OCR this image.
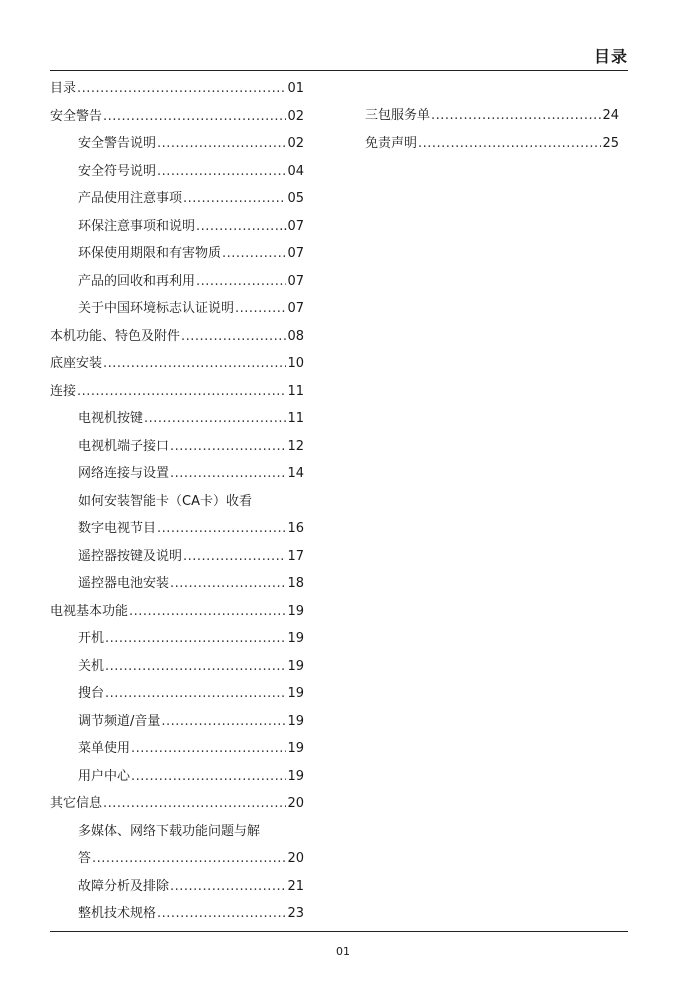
目录
目录 .....	01
安全警告 .....	02
安全警告说明 .....	02
安全符号说明 .....	04
产品使用注意事项 .....	05
环保注意事项和说明 .....	..07
环保使用期限和有害物质 .....	07
产品的回收和再利用 .....	07
关于中国环境标志认证说明 .....	07
本机功能、特色及附件 .....	08
底座安装 .....	10
连接 .....	11
电视机按键 .....	11
电视机端子接口 .....	12
网络连接与设置 .....	14
如何安装智能卡（CA卡）收看
数字电视节目 .....	16
遥控器按键及说明 .....	17
遥控器电池安装 .....	18
电视基本功能 .....	19
开机 .....	19
关机 .....	19
搜台 .....	19
调节频道/音量 .....	19
菜单使用 .....	19
用户中心 .....	19
其它信息 .....	20
多媒体、网络下载功能问题与解
答 .....	20
故障分析及排除 .....	21
整机技术规格 .....	23
三包服务单 .....	24
免责声明 .....	25
01
